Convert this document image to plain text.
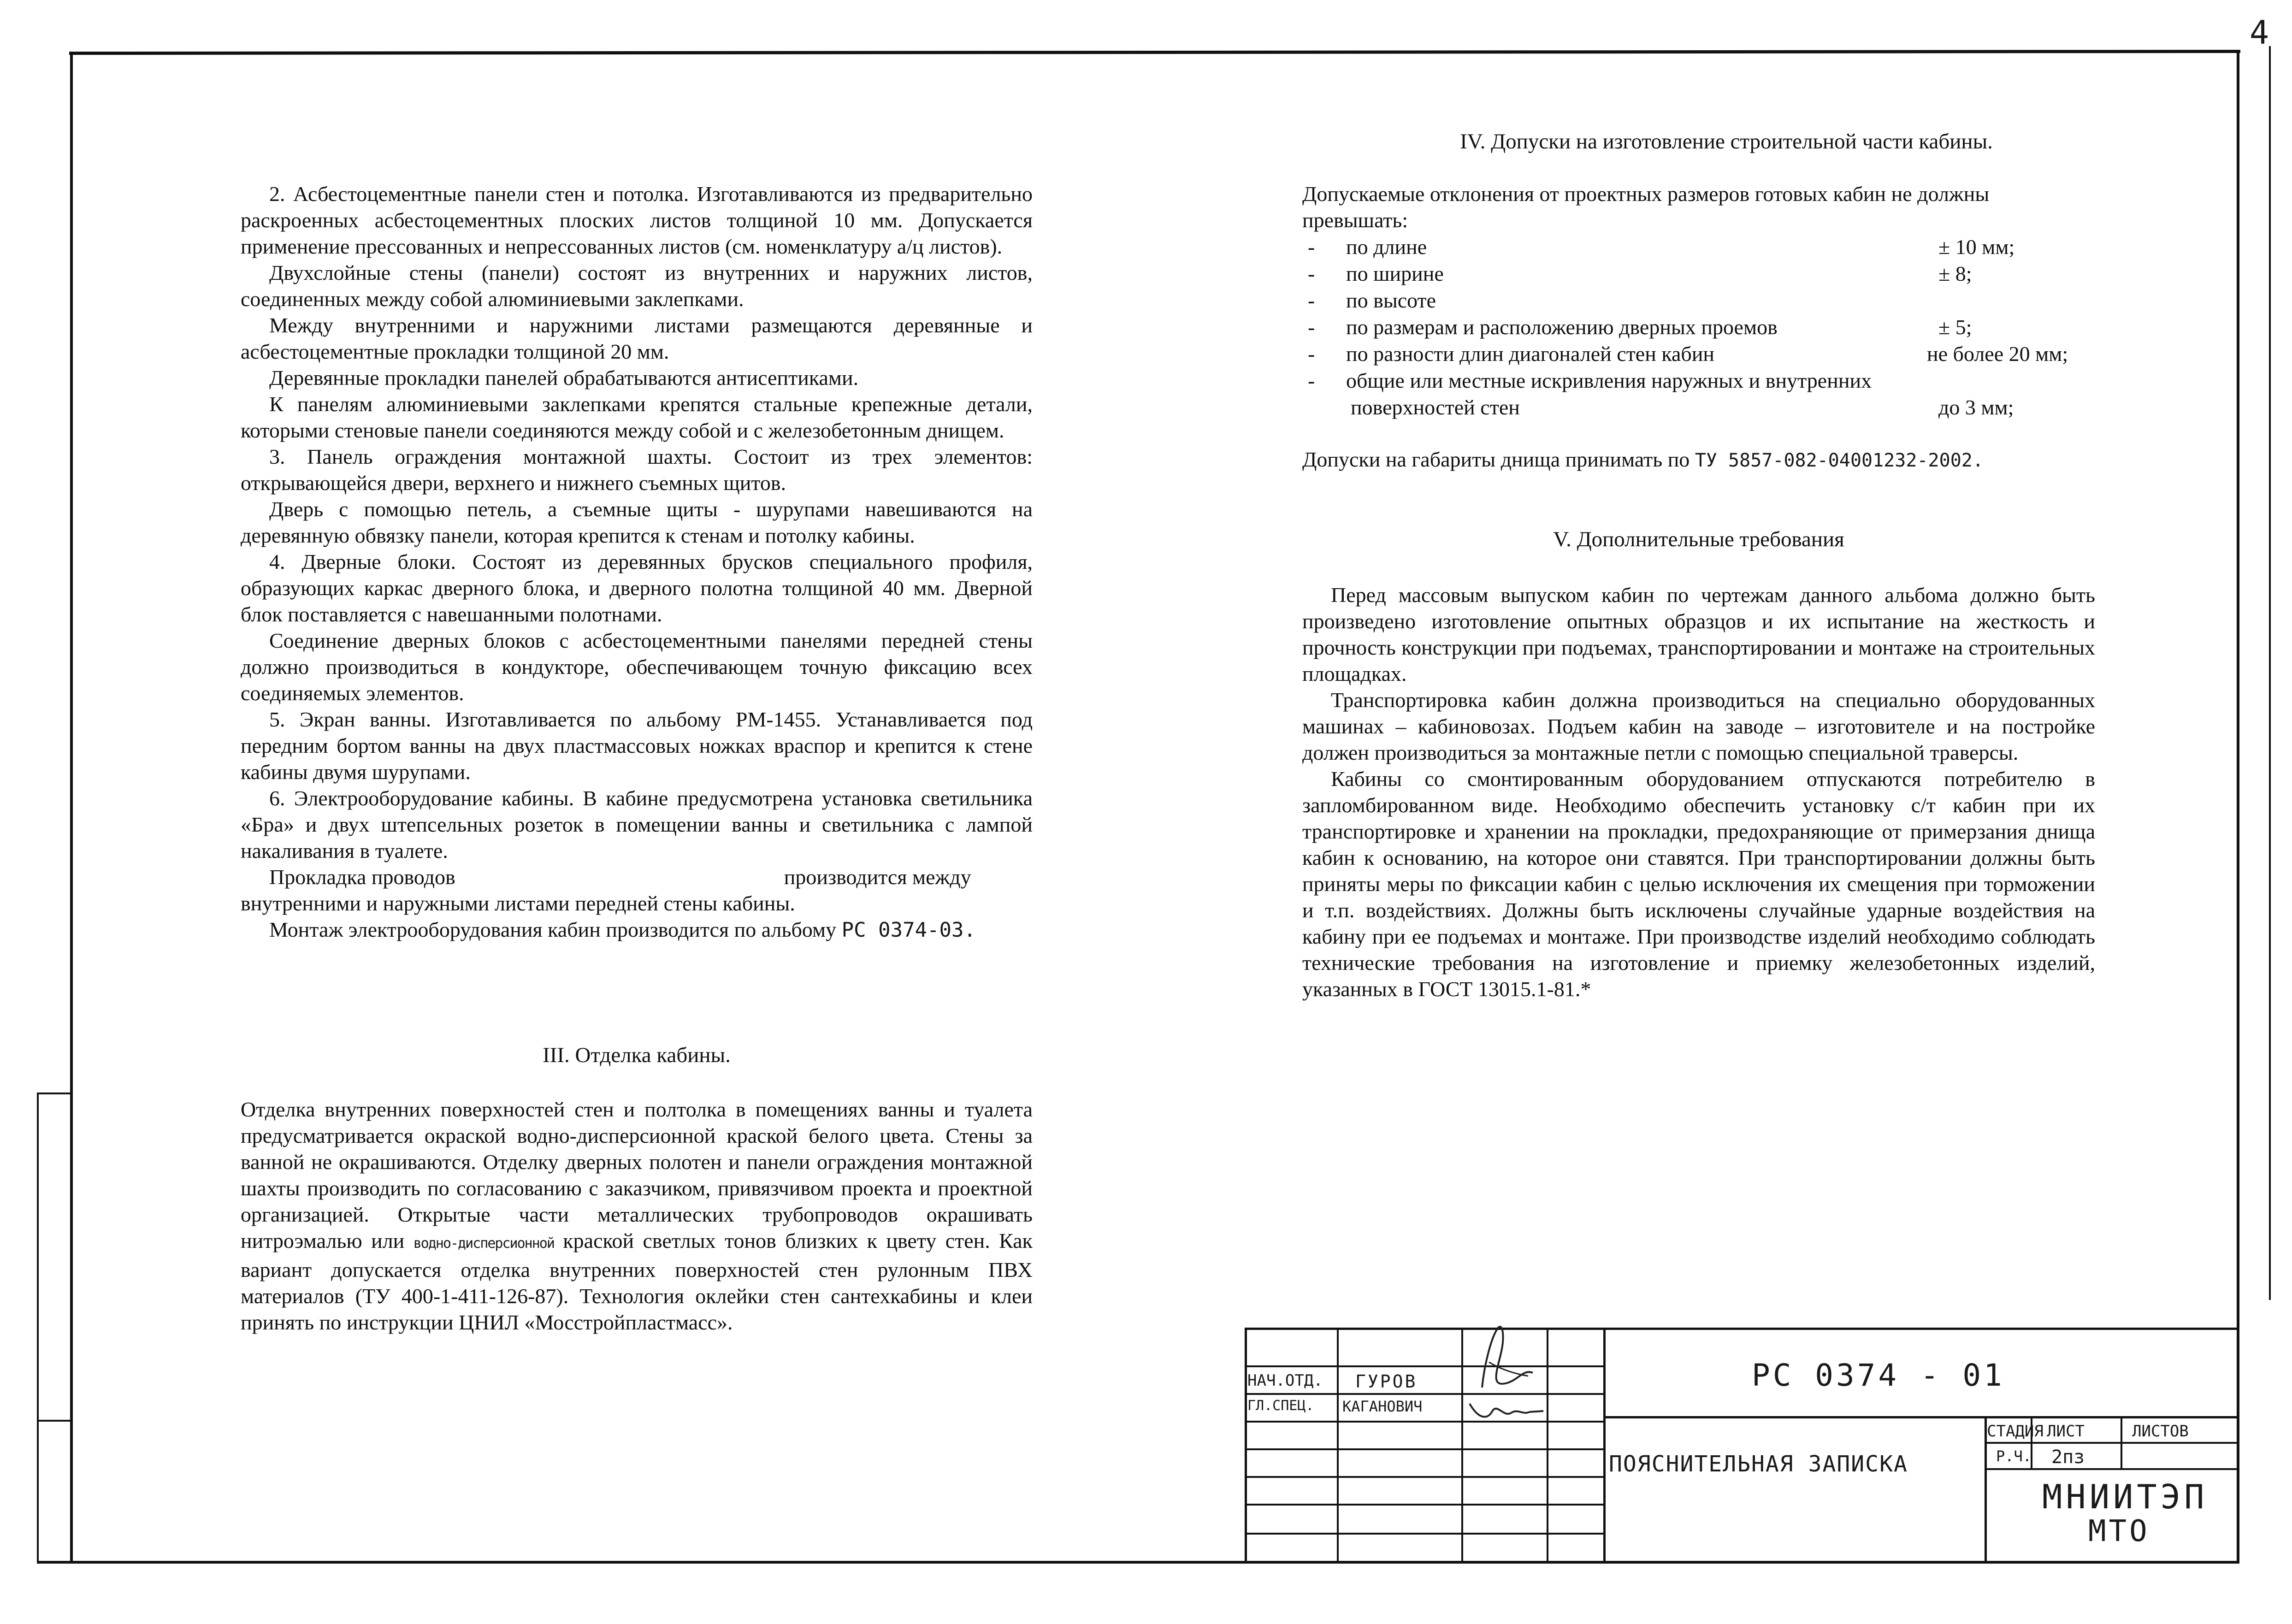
4

2. Асбестоцементные панели стен и потолка. Изготавливаются из предварительно раскроенных асбестоцементных плоских листов толщиной 10 мм. Допускается применение прессованных и непрессованных листов (см. номенклатуру а/ц листов).

Двухслойные стены (панели) состоят из внутренних и наружних листов, соединенных между собой алюминиевыми заклепками.

Между внутренними и наружними листами размещаются деревянные и асбестоцементные прокладки толщиной 20 мм.

Деревянные прокладки панелей обрабатываются антисептиками.

К панелям алюминиевыми заклепками крепятся стальные крепежные детали, которыми стеновые панели соединяются между собой и с железобетонным днищем.

3. Панель ограждения монтажной шахты. Состоит из трех элементов: открывающейся двери, верхнего и нижнего съемных щитов.

Дверь с помощью петель, а съемные щиты - шурупами навешиваются на деревянную обвязку панели, которая крепится к стенам и потолку кабины.

4. Дверные блоки. Состоят из деревянных брусков специального профиля, образующих каркас дверного блока, и дверного полотна толщиной 40 мм. Дверной блок поставляется с навешанными полотнами.

Соединение дверных блоков с асбестоцементными панелями передней стены должно производиться в кондукторе, обеспечивающем точную фиксацию всех соединяемых элементов.

5. Экран ванны. Изготавливается по альбому РМ-1455. Устанавливается под передним бортом ванны на двух пластмассовых ножках враспор и крепится к стене кабины двумя шурупами.

6. Электрооборудование кабины. В кабине предусмотрена установка светильника «Бра» и двух штепсельных розеток в помещении ванны и светильника с лампой накаливания в туалете.

Прокладка проводов	производится между

внутренними и наружными листами передней стены кабины.

Монтаж электрооборудования кабин производится по альбому РС 0374-03.

III. Отделка кабины.

Отделка внутренних поверхностей стен и полтолка в помещениях ванны и туалета предусматривается окраской водно-дисперсионной краской белого цвета. Стены за ванной не окрашиваются. Отделку дверных полотен и панели ограждения монтажной шахты производить по согласованию с заказчиком, привязчивом проекта и проектной организацией. Открытые части металлических трубопроводов окрашивать нитроэмалью или водно-дисперсионной краской светлых тонов близких к цвету стен. Как вариант допускается отделка внутренних поверхностей стен рулонным ПВХ материалов (ТУ 400-1-411-126-87). Технология оклейки стен сантехкабины и клеи принять по инструкции ЦНИЛ «Мосстройпластмасс».

IV. Допуски на изготовление строительной части кабины.
Допускаемые отклонения от проектных размеров готовых кабин не должны превышать:
- по длине	± 10 мм;
- по ширине	± 8;
- по высоте
- по размерам и расположению дверных проемов	± 5;
- по разности длин диагоналей стен кабин	не более 20 мм;
- общие или местные искривления наружных и внутренних
поверхностей стен	до 3 мм;
Допуски на габариты днища принимать по ТУ 5857-082-04001232-2002.
V. Дополнительные требования

Перед массовым выпуском кабин по чертежам данного альбома должно быть произведено изготовление опытных образцов и их испытание на жесткость и прочность конструкции при подъемах, транспортировании и монтаже на строительных площадках.

Транспортировка кабин должна производиться на специально оборудованных машинах – кабиновозах. Подъем кабин на заводе – изготовителе и на постройке должен производиться за монтажные петли с помощью специальной траверсы.

Кабины со смонтированным оборудованием отпускаются потребителю в запломбированном виде. Необходимо обеспечить установку с/т кабин при их транспортировке и хранении на прокладки, предохраняющие от примерзания днища кабин к основанию, на которое они ставятся. При транспортировании должны быть приняты меры по фиксации кабин с целью исключения их смещения при торможении и т.п. воздействиях. Должны быть исключены случайные ударные воздействия на кабину при ее подъемах и монтаже. При производстве изделий необходимо соблюдать технические требования на изготовление и приемку железобетонных изделий, указанных в ГОСТ 13015.1-81.*

РС 0374 - 01
ПОЯСНИТЕЛЬНАЯ ЗАПИСКА
СТАДИЯ ЛИСТ	ЛИСТОВ
Р.Ч. 2пз
МНИИТЭП
МТО
НАЧ.ОТД. ГУРОВ
ГЛ.СПЕЦ. КАГАНОВИЧ
